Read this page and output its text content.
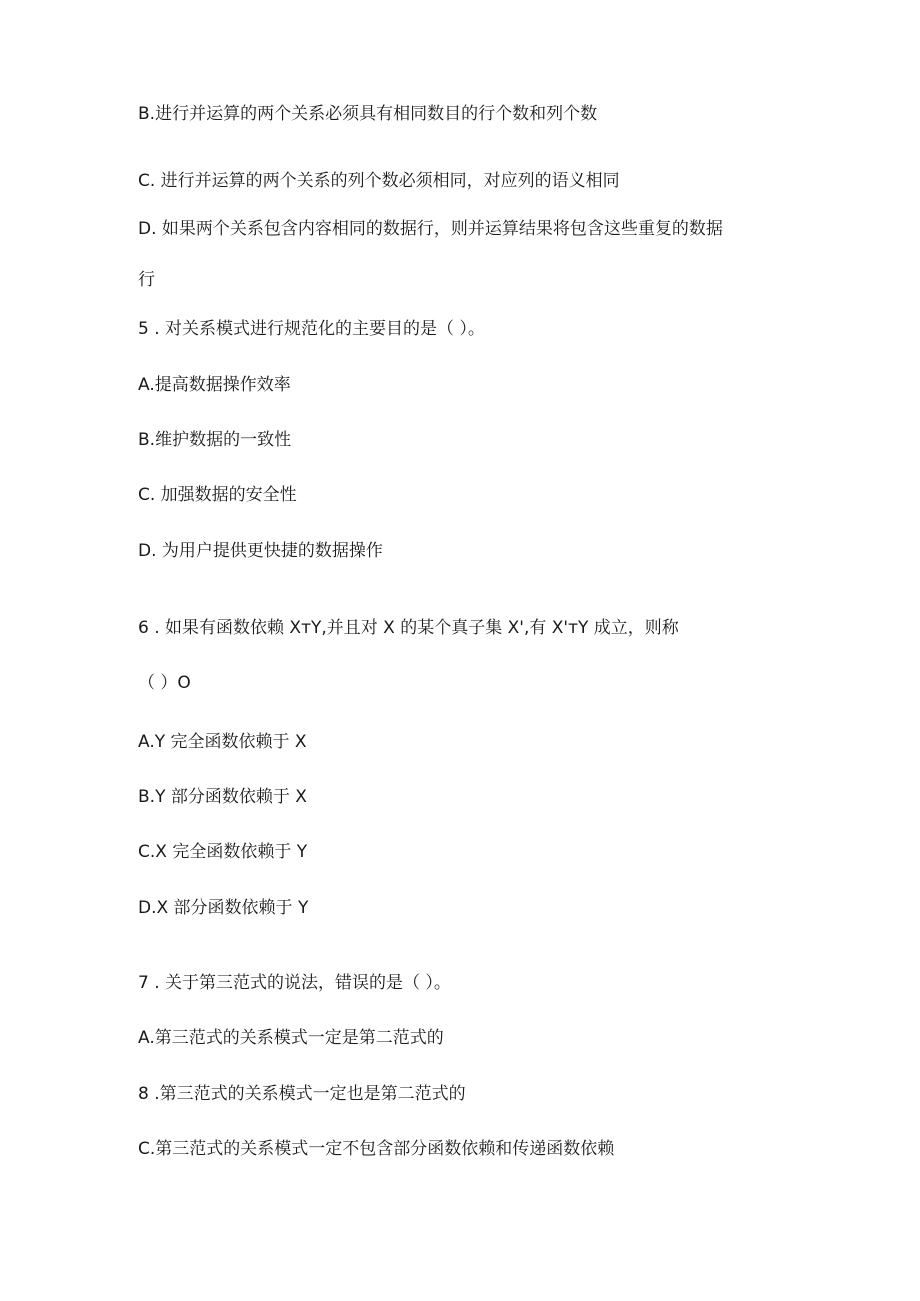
B.进行并运算的两个关系必须具有相同数目的行个数和列个数

C. 进行并运算的两个关系的列个数必须相同，对应列的语义相同

D. 如果两个关系包含内容相同的数据行，则并运算结果将包含这些重复的数据

行

5 . 对关系模式进行规范化的主要目的是（ ）。

A.提高数据操作效率

B.维护数据的一致性

C. 加强数据的安全性

D. 为用户提供更快捷的数据操作

6 . 如果有函数依赖 XтY,并且对 X 的某个真子集 X',有 X'тY 成立，则称

（ ）O

A.Y 完全函数依赖于 X

B.Y 部分函数依赖于 X

C.X 完全函数依赖于 Y

D.X 部分函数依赖于 Y

7 . 关于第三范式的说法，错误的是（ ）。

A.第三范式的关系模式一定是第二范式的

8 .第三范式的关系模式一定也是第二范式的

C.第三范式的关系模式一定不包含部分函数依赖和传递函数依赖
